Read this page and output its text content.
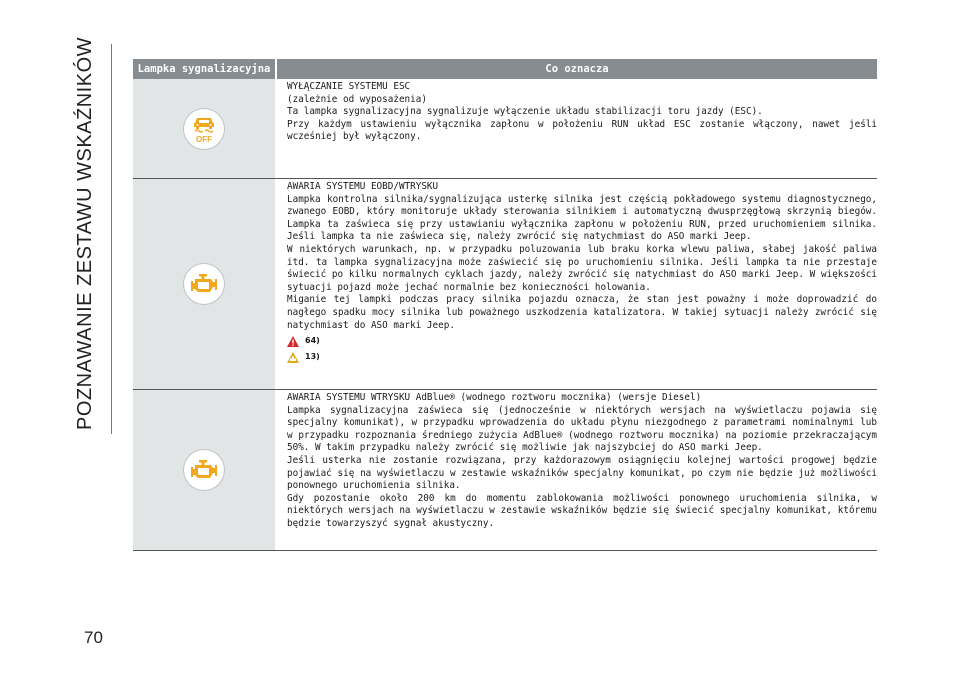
POZNAWANIE ZESTAWU WSKAŹNIKÓW
70
Lampka sygnalizacyjna	Co oznacza
OFF

WYŁĄCZANIE SYSTEMU ESC

(zależnie od wyposażenia)

Ta lampka sygnalizacyjna sygnalizuje wyłączenie układu stabilizacji toru jazdy (ESC).

Przy każdym ustawieniu wyłącznika zapłonu w położeniu RUN układ ESC zostanie włączony, nawet jeśli wcześniej był wyłączony.

AWARIA SYSTEMU EOBD/WTRYSKU

Lampka kontrolna silnika/sygnalizująca usterkę silnika jest częścią pokładowego systemu diagnostycznego, zwanego EOBD, który monitoruje układy sterowania silnikiem i automatyczną dwusprzęgłową skrzynią biegów. Lampka ta zaświeca się przy ustawianiu wyłącznika zapłonu w położeniu RUN, przed uruchomieniem silnika. Jeśli lampka ta nie zaświeca się, należy zwrócić się natychmiast do ASO marki Jeep.

W niektórych warunkach, np. w przypadku poluzowania lub braku korka wlewu paliwa, słabej jakość paliwa itd. ta lampka sygnalizacyjna może zaświecić się po uruchomieniu silnika. Jeśli lampka ta nie przestaje świecić po kilku normalnych cyklach jazdy, należy zwrócić się natychmiast do ASO marki Jeep. W większości sytuacji pojazd może jechać normalnie bez konieczności holowania.

Miganie tej lampki podczas pracy silnika pojazdu oznacza, że stan jest poważny i może doprowadzić do nagłego spadku mocy silnika lub poważnego uszkodzenia katalizatora. W takiej sytuacji należy zwrócić się natychmiast do ASO marki Jeep.

64)
13)

AWARIA SYSTEMU WTRYSKU AdBlue® (wodnego roztworu mocznika) (wersje Diesel)

Lampka sygnalizacyjna zaświeca się (jednocześnie w niektórych wersjach na wyświetlaczu pojawia się specjalny komunikat), w przypadku wprowadzenia do układu płynu niezgodnego z parametrami nominalnymi lub w przypadku rozpoznania średniego zużycia AdBlue® (wodnego roztworu mocznika) na poziomie przekraczającym 50%. W takim przypadku należy zwrócić się możliwie jak najszybciej do ASO marki Jeep.

Jeśli usterka nie zostanie rozwiązana, przy każdorazowym osiągnięciu kolejnej wartości progowej będzie pojawiać się na wyświetlaczu w zestawie wskaźników specjalny komunikat, po czym nie będzie już możliwości ponownego uruchomienia silnika.

Gdy pozostanie około 200 km do momentu zablokowania możliwości ponownego uruchomienia silnika, w niektórych wersjach na wyświetlaczu w zestawie wskaźników będzie się świecić specjalny komunikat, któremu będzie towarzyszyć sygnał akustyczny.
